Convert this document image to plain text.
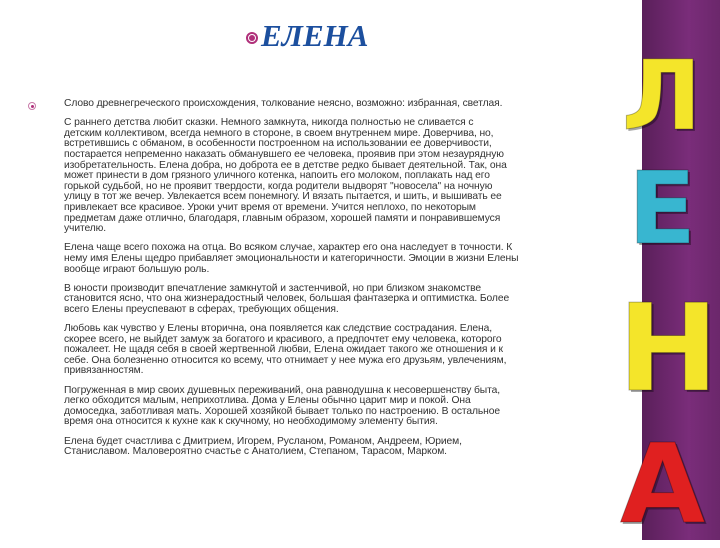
ЕЛЕНА
Слово древнегреческого происхождения, толкование неясно, возможно: избранная, светлая.
С раннего детства любит сказки. Немного замкнута, никогда полностью не сливается с
детским коллективом, всегда немного в стороне, в своем внутреннем мире. Доверчива, но,
встретившись с обманом, в особенности построенном на использовании ее доверчивости,
постарается непременно наказать обманувшего ее человека, проявив при этом незаурядную
изобретательность. Елена добра, но доброта ее в детстве редко бывает деятельной. Так, она
может принести в дом грязного уличного котенка, напоить его молоком, поплакать над его
горькой судьбой, но не проявит твердости, когда родители выдворят "новосела" на ночную
улицу в тот же вечер. Увлекается всем понемногу. И вязать пытается, и шить, и вышивать ее
привлекает все красивое. Уроки учит время от времени. Учится неплохо, по некоторым
предметам даже отлично, благодаря, главным образом, хорошей памяти и понравившемуся
учителю.
Елена чаще всего похожа на отца. Во всяком случае, характер его она наследует в точности. К
нему имя Елены щедро прибавляет эмоциональности и категоричности. Эмоции в жизни Елены
вообще играют большую роль.
В юности производит впечатление замкнутой и застенчивой, но при близком знакомстве
становится ясно, что она жизнерадостный человек, большая фантазерка и оптимистка. Более
всего Елены преуспевают в сферах, требующих общения.
Любовь как чувство у Елены вторична, она появляется как следствие сострадания. Елена,
скорее всего, не выйдет замуж за богатого и красивого, а предпочтет ему человека, которого
пожалеет. Не щадя себя в своей жертвенной любви, Елена ожидает такого же отношения и к
себе. Она болезненно относится ко всему, что отнимает у нее мужа его друзьям, увлечениям,
привязанностям.
Погруженная в мир своих душевных переживаний, она равнодушна к несовершенству быта,
легко обходится малым, неприхотлива. Дома у Елены обычно царит мир и покой. Она
домоседка, заботливая мать. Хорошей хозяйкой бывает только по настроению. В остальное
время она относится к кухне как к скучному, но необходимому элементу бытия.
Елена будет счастлива с Дмитрием, Игорем, Русланом, Романом, Андреем, Юрием,
Станиславом. Маловероятно счастье с Анатолием, Степаном, Тарасом, Марком.
Л
Е
Н
А
